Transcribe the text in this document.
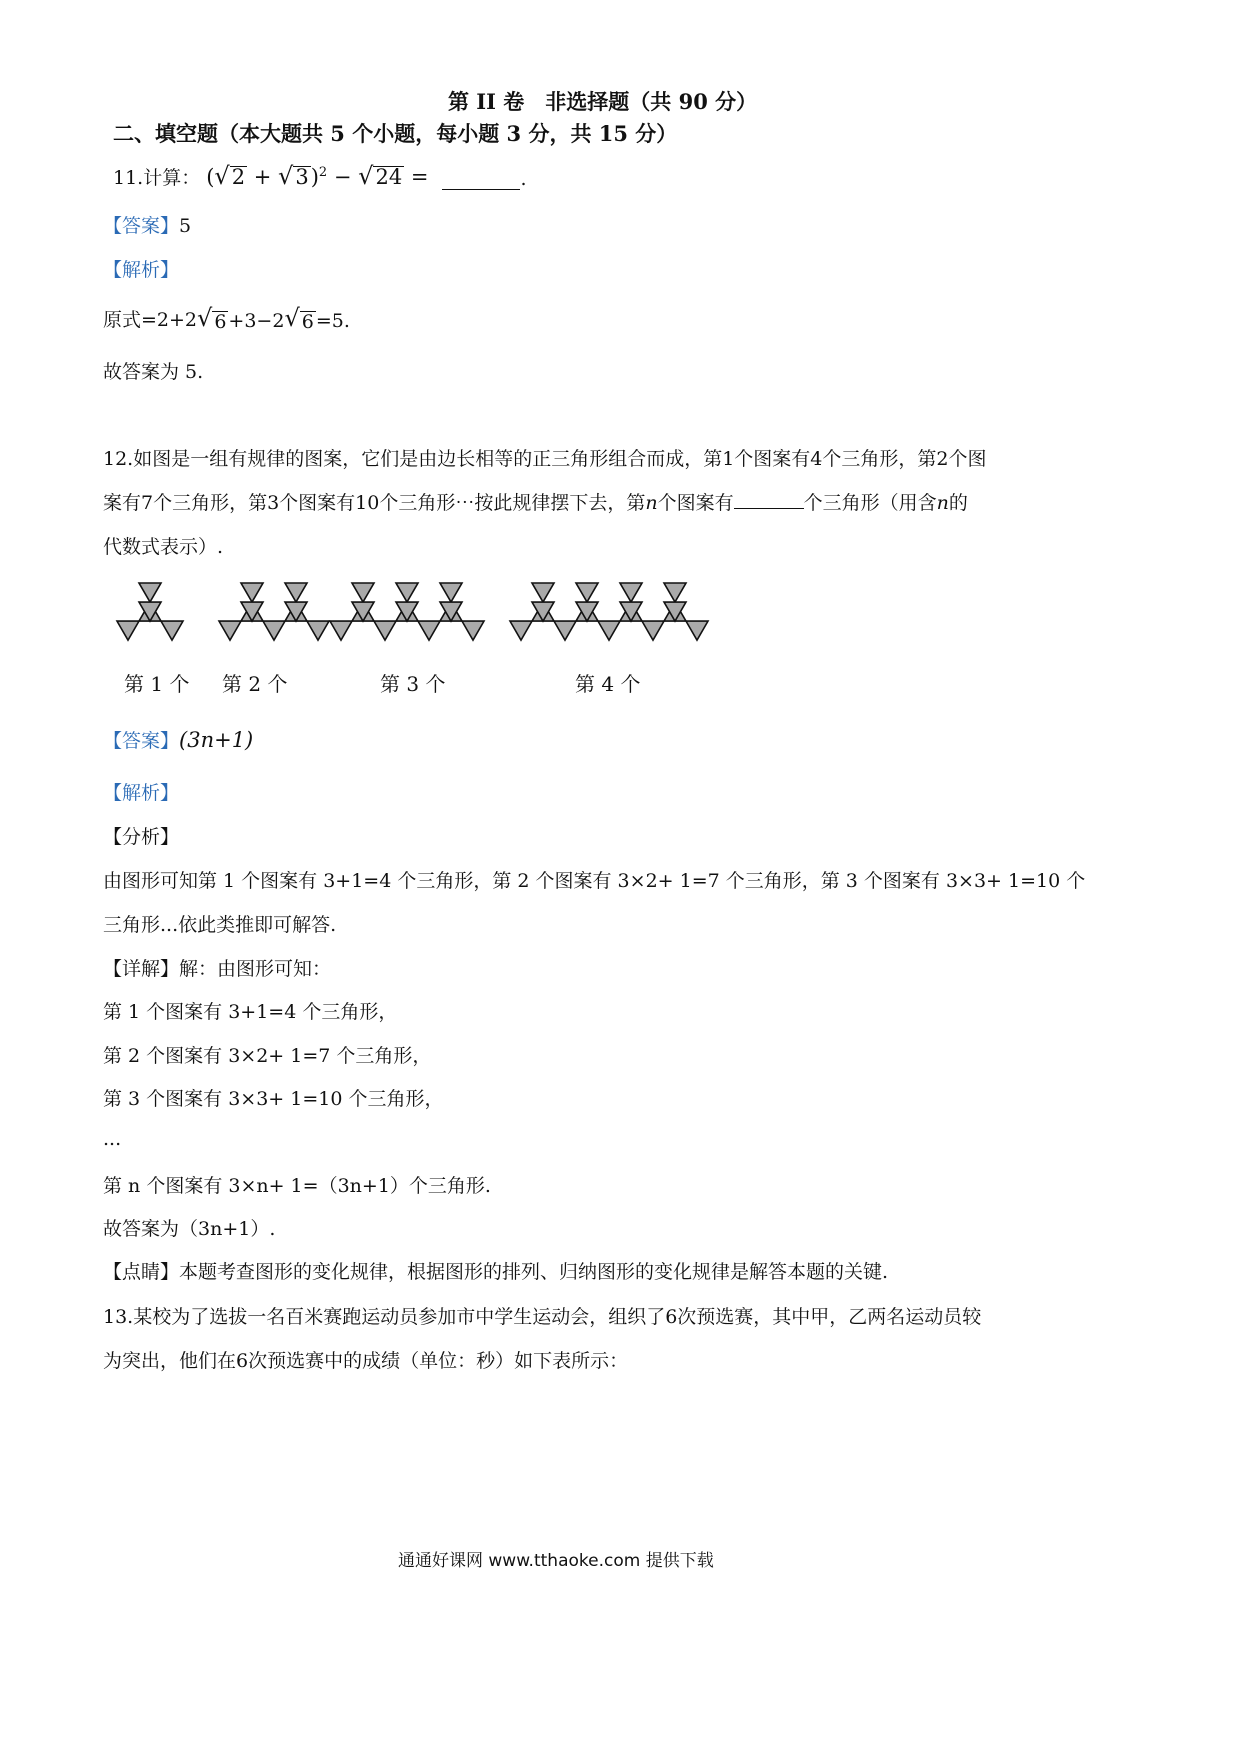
第 II 卷　非选择题（共 90 分）
二、填空题（本大题共 5 个小题，每小题 3 分，共 15 分）
11.计算： $(√2 + √3)^2 - √24$ =	.
【答案】5
【解析】
原式=2+2 √ 6 +3−2 √ 6 =5.
故答案为 5.
12.如图是一组有规律的图案，它们是由边长相等的正三角形组合而成，第1个图案有4个三角形，第2个图
案有7个三角形，第3个图案有10个三角形⋯按此规律摆下去，第n个图案有	个三角形（用含n的
代数式表示）.
第 1 个 第 2 个	第 3 个	第 4 个
【答案】(3n+1)
【解析】
【分析】
由图形可知第 1 个图案有 3+1=4 个三角形，第 2 个图案有 3×2+ 1=7 个三角形，第 3 个图案有 3×3+ 1=10 个
三角形...依此类推即可解答.
【详解】解：由图形可知：
第 1 个图案有 3+1=4 个三角形，
第 2 个图案有 3×2+ 1=7 个三角形，
第 3 个图案有 3×3+ 1=10 个三角形，
...
第 n 个图案有 3×n+ 1=（3n+1）个三角形.
故答案为（3n+1）.
【点睛】本题考查图形的变化规律，根据图形的排列、归纳图形的变化规律是解答本题的关键.
13.某校为了选拔一名百米赛跑运动员参加市中学生运动会，组织了6次预选赛，其中甲，乙两名运动员较
为突出，他们在6次预选赛中的成绩（单位：秒）如下表所示：
通通好课网 www.tthaoke.com 提供下载
